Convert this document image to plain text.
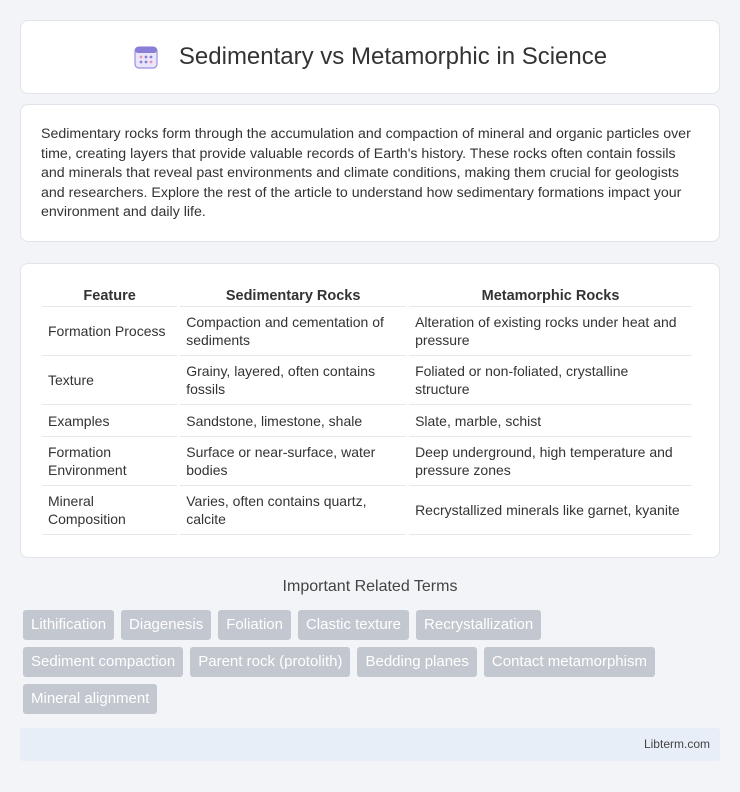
Sedimentary vs Metamorphic in Science

Sedimentary rocks form through the accumulation and compaction of mineral and organic particles over time, creating layers that provide valuable records of Earth's history. These rocks often contain fossils and minerals that reveal past environments and climate conditions, making them crucial for geologists and researchers. Explore the rest of the article to understand how sedimentary formations impact your environment and daily life.

Feature	Sedimentary Rocks	Metamorphic Rocks
Formation Process	Compaction and cementation of sediments	Alteration of existing rocks under heat and pressure
Texture	Grainy, layered, often contains fossils	Foliated or non-foliated, crystalline structure
Examples	Sandstone, limestone, shale	Slate, marble, schist
Formation Environment	Surface or near-surface, water bodies	Deep underground, high temperature and pressure zones
Mineral Composition	Varies, often contains quartz, calcite	Recrystallized minerals like garnet, kyanite
Important Related Terms
Lithification	Diagenesis	Foliation	Clastic texture	Recrystallization
Sediment compaction	Parent rock (protolith)	Bedding planes	Contact metamorphism
Mineral alignment
Libterm.com
